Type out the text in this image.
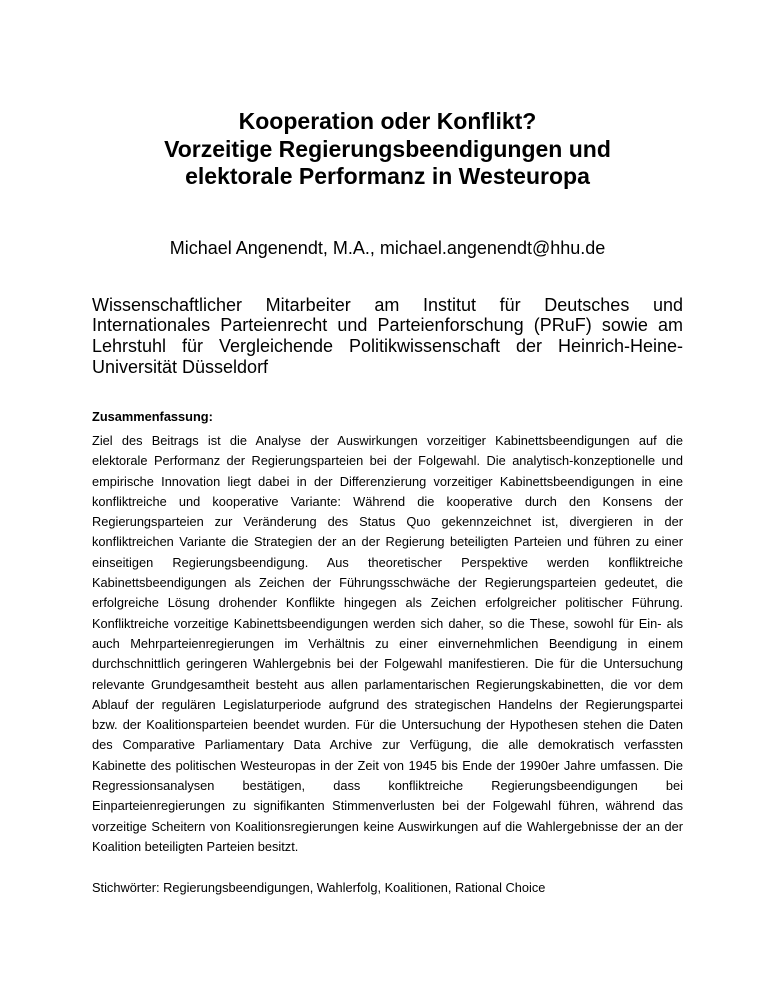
Kooperation oder Konflikt?
Vorzeitige Regierungsbeendigungen und
elektorale Performanz in Westeuropa
Michael Angenendt, M.A., michael.angenendt@hhu.de
Wissenschaftlicher Mitarbeiter am Institut für Deutsches und
Internationales Parteienrecht und Parteienforschung (PRuF) sowie am
Lehrstuhl für Vergleichende Politikwissenschaft der Heinrich-Heine-
Universität Düsseldorf
Zusammenfassung:
Ziel des Beitrags ist die Analyse der Auswirkungen vorzeitiger Kabinettsbeendigungen auf die
elektorale Performanz der Regierungsparteien bei der Folgewahl. Die analytisch-konzeptionelle und
empirische Innovation liegt dabei in der Differenzierung vorzeitiger Kabinettsbeendigungen in eine
konfliktreiche und kooperative Variante: Während die kooperative durch den Konsens der
Regierungsparteien zur Veränderung des Status Quo gekennzeichnet ist, divergieren in der
konfliktreichen Variante die Strategien der an der Regierung beteiligten Parteien und führen zu einer
einseitigen Regierungsbeendigung. Aus theoretischer Perspektive werden konfliktreiche
Kabinettsbeendigungen als Zeichen der Führungsschwäche der Regierungsparteien gedeutet, die
erfolgreiche Lösung drohender Konflikte hingegen als Zeichen erfolgreicher politischer Führung.
Konfliktreiche vorzeitige Kabinettsbeendigungen werden sich daher, so die These, sowohl für Ein- als
auch Mehrparteienregierungen im Verhältnis zu einer einvernehmlichen Beendigung in einem
durchschnittlich geringeren Wahlergebnis bei der Folgewahl manifestieren. Die für die Untersuchung
relevante Grundgesamtheit besteht aus allen parlamentarischen Regierungskabinetten, die vor dem
Ablauf der regulären Legislaturperiode aufgrund des strategischen Handelns der Regierungspartei
bzw. der Koalitionsparteien beendet wurden. Für die Untersuchung der Hypothesen stehen die Daten
des Comparative Parliamentary Data Archive zur Verfügung, die alle demokratisch verfassten
Kabinette des politischen Westeuropas in der Zeit von 1945 bis Ende der 1990er Jahre umfassen. Die
Regressionsanalysen bestätigen, dass konfliktreiche Regierungsbeendigungen bei
Einparteienregierungen zu signifikanten Stimmenverlusten bei der Folgewahl führen, während das
vorzeitige Scheitern von Koalitionsregierungen keine Auswirkungen auf die Wahlergebnisse der an der
Koalition beteiligten Parteien besitzt.
Stichwörter: Regierungsbeendigungen, Wahlerfolg, Koalitionen, Rational Choice
